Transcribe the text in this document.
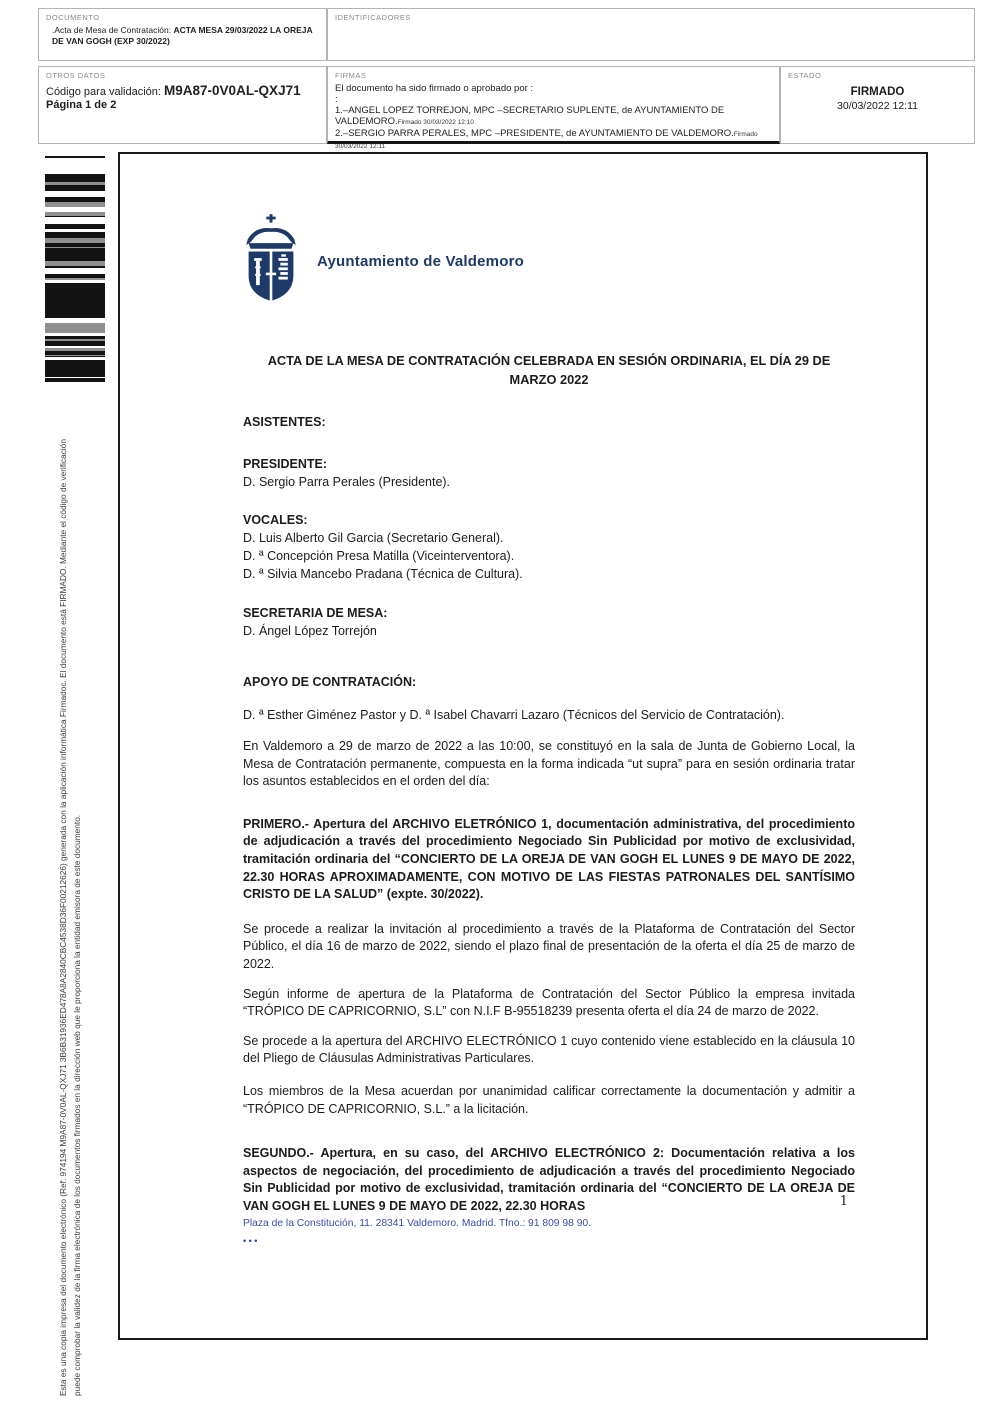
DOCUMENTO
.Acta de Mesa de Contratación: ACTA MESA 29/03/2022 LA OREJA DE VAN GOGH (EXP 30/2022)
IDENTIFICADORES
OTROS DATOS
Código para validación: M9A87-0V0AL-QXJ71
Página 1 de 2
FIRMAS
El documento ha sido firmado o aprobado por :
:
1.–ANGEL LOPEZ TORREJON, MPC –SECRETARIO SUPLENTE, de AYUNTAMIENTO DE VALDEMORO.Firmado 30/03/2022 12:10
2.–SERGIO PARRA PERALES, MPC –PRESIDENTE, de AYUNTAMIENTO DE VALDEMORO.Firmado 30/03/2022 12:11
ESTADO
FIRMADO
30/03/2022 12:11
Esta es una copia impresa del documento electrónico (Ref: 974194 M9A87-0V0AL-QXJ71 3B6B31936ED478A8A2840CBC4538D36F00212626) generada con la aplicación informática Firmadoc. El documento está FIRMADO. Mediante el código de verificación puede comprobar la validez de la firma electrónica de los documentos firmados en la dirección web que le proporciona la entidad emisora de este documento.
Ayuntamiento de Valdemoro
ACTA DE LA MESA DE CONTRATACIÓN CELEBRADA EN SESIÓN ORDINARIA, EL DÍA 29 DE MARZO 2022
ASISTENTES:
PRESIDENTE:
D. Sergio Parra Perales (Presidente).
VOCALES:
D. Luis Alberto Gil Garcia (Secretario General).
D. ª Concepción Presa Matilla (Viceinterventora).
D. ª Silvia Mancebo Pradana (Técnica de Cultura).
SECRETARIA DE MESA:
D. Ángel López Torrejón
APOYO DE CONTRATACIÓN:
D. ª Esther Giménez Pastor y D. ª Isabel Chavarri Lazaro (Técnicos del Servicio de Contratación).
En Valdemoro a 29 de marzo de 2022 a las 10:00, se constituyó en la sala de Junta de Gobierno Local, la Mesa de Contratación permanente, compuesta en la forma indicada “ut supra” para en sesión ordinaria tratar los asuntos establecidos en el orden del día:
PRIMERO.- Apertura del ARCHIVO ELETRÓNICO 1, documentación administrativa, del procedimiento de adjudicación a través del procedimiento Negociado Sin Publicidad por motivo de exclusividad, tramitación ordinaria del “CONCIERTO DE LA OREJA DE VAN GOGH EL LUNES 9 DE MAYO DE 2022, 22.30 HORAS APROXIMADAMENTE, CON MOTIVO DE LAS FIESTAS PATRONALES DEL SANTÍSIMO CRISTO DE LA SALUD” (expte. 30/2022).
Se procede a realizar la invitación al procedimiento a través de la Plataforma de Contratación del Sector Público, el día 16 de marzo de 2022, siendo el plazo final de presentación de la oferta el día 25 de marzo de 2022.
Según informe de apertura de la Plataforma de Contratación del Sector Público la empresa invitada “TRÓPICO DE CAPRICORNIO, S.L” con N.I.F B-95518239 presenta oferta el día 24 de marzo de 2022.
Se procede a la apertura del ARCHIVO ELECTRÓNICO 1 cuyo contenido viene establecido en la cláusula 10 del Pliego de Cláusulas Administrativas Particulares.
Los miembros de la Mesa acuerdan por unanimidad calificar correctamente la documentación y admitir a “TRÓPICO DE CAPRICORNIO, S.L.” a la licitación.
SEGUNDO.- Apertura, en su caso, del ARCHIVO ELECTRÓNICO 2: Documentación relativa a los aspectos de negociación, del procedimiento de adjudicación a través del procedimiento Negociado Sin Publicidad por motivo de exclusividad, tramitación ordinaria del “CONCIERTO DE LA OREJA DE VAN GOGH EL LUNES 9 DE MAYO DE 2022, 22.30 HORAS	1
Plaza de la Constitución, 11. 28341 Valdemoro. Madrid. Tfno.: 91 809 98 90.
•••
